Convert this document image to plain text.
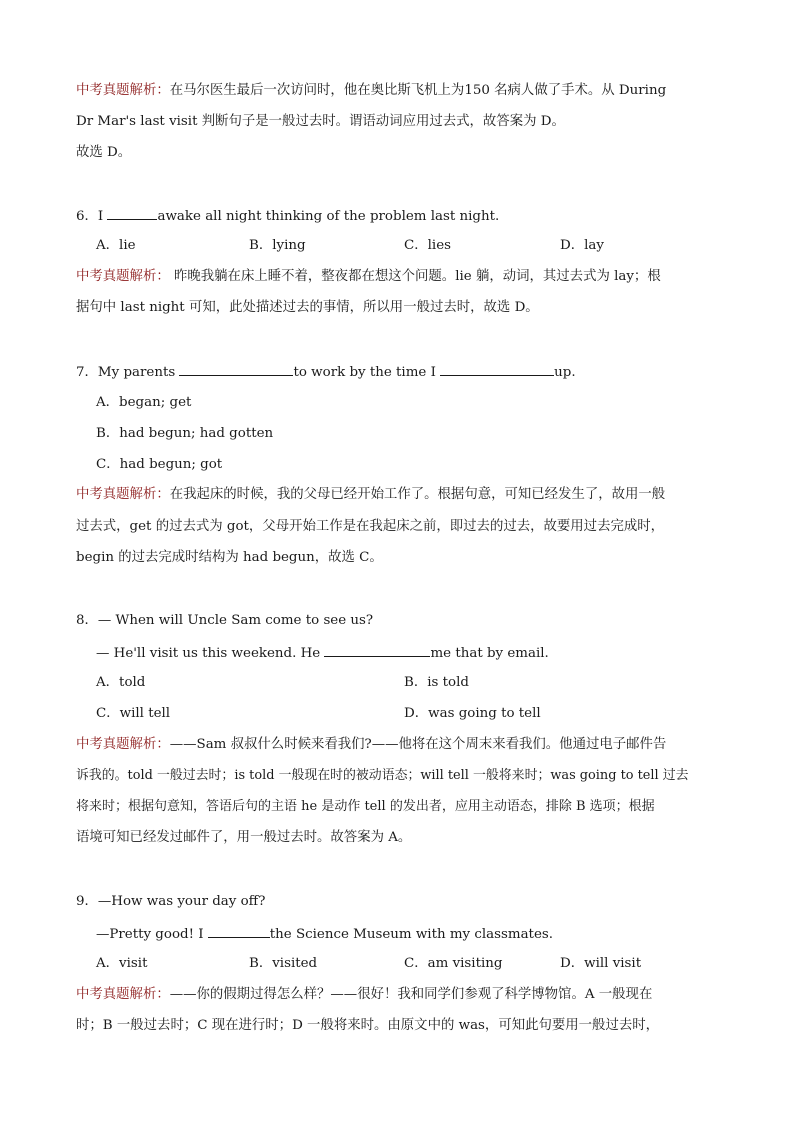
中考真题解析：在马尔医生最后一次访问时，他在奥比斯飞机上为150 名病人做了手术。从 During
Dr Mar's last visit 判断句子是一般过去时。谓语动词应用过去式，故答案为 D。
故选 D。
6．I	awake all night thinking of the problem last night.
A．lie	B．lying	C．lies	D．lay
中考真题解析： 昨晚我躺在床上睡不着，整夜都在想这个问题。lie 躺，动词，其过去式为 lay；根
据句中 last night 可知，此处描述过去的事情，所以用一般过去时，故选 D。
7．My parents	to work by the time I	up.
A．began; get
B．had begun; had gotten
C．had begun; got
中考真题解析：在我起床的时候，我的父母已经开始工作了。根据句意，可知已经发生了，故用一般
过去式，get 的过去式为 got，父母开始工作是在我起床之前，即过去的过去，故要用过去完成时，
begin 的过去完成时结构为 had begun，故选 C。
8．— When will Uncle Sam come to see us?
— He'll visit us this weekend. He	me that by email.
A．told	B．is told
C．will tell	D．was going to tell
中考真题解析：——Sam 叔叔什么时候来看我们?——他将在这个周末来看我们。他通过电子邮件告
诉我的。told 一般过去时；is told 一般现在时的被动语态；will tell 一般将来时；was going to tell 过去
将来时；根据句意知，答语后句的主语 he 是动作 tell 的发出者，应用主动语态，排除 B 选项；根据
语境可知已经发过邮件了，用一般过去时。故答案为 A。
9．—How was your day off?
—Pretty good! I	the Science Museum with my classmates.
A．visit	B．visited	C．am visiting	D．will visit
中考真题解析：——你的假期过得怎么样？——很好！我和同学们参观了科学博物馆。A 一般现在
时；B 一般过去时；C 现在进行时；D 一般将来时。由原文中的 was，可知此句要用一般过去时，
